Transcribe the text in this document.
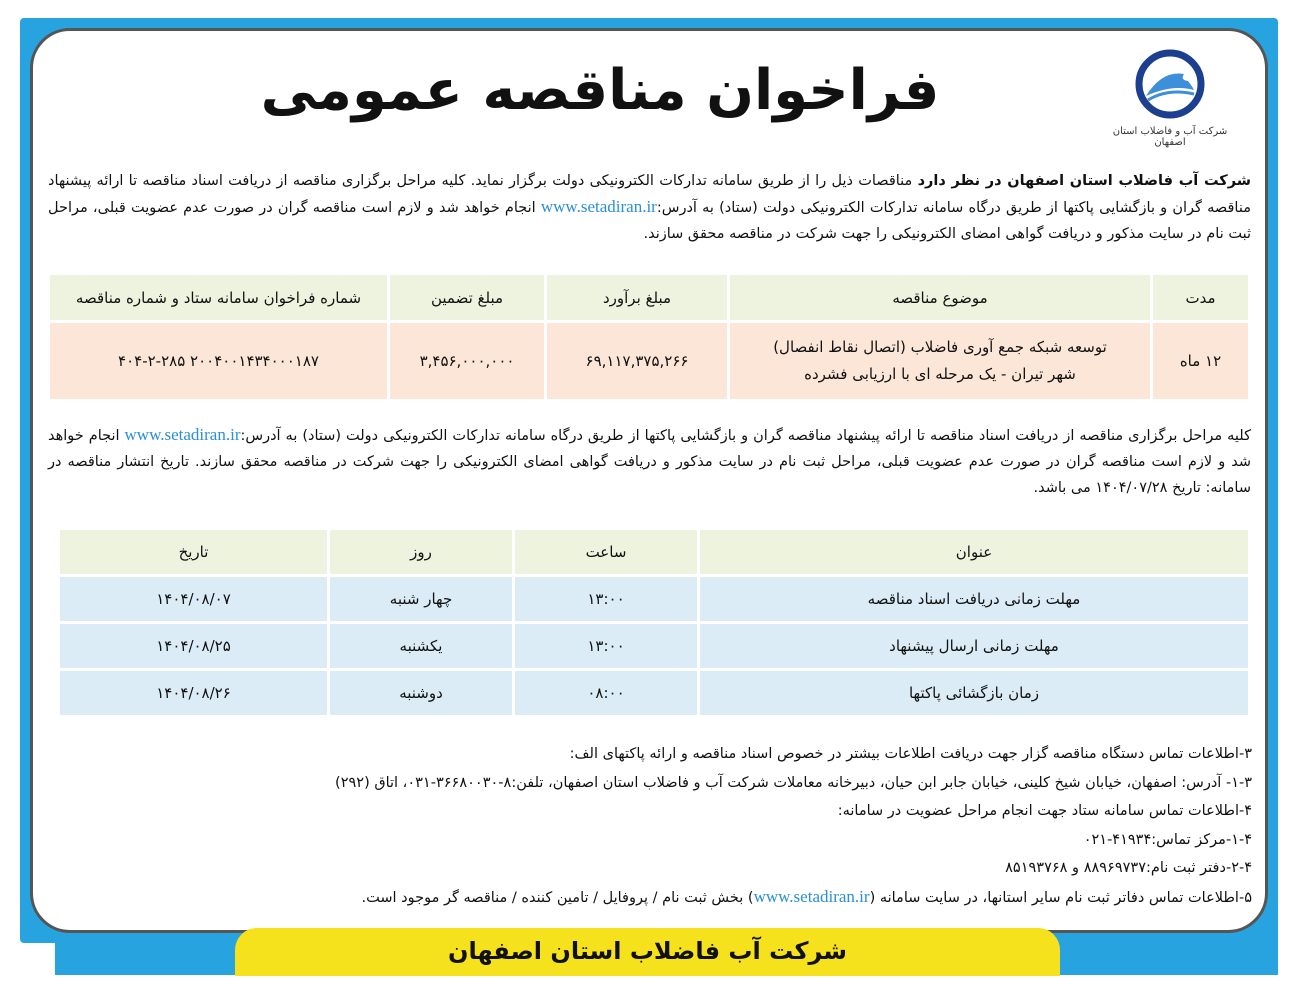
شرکت آب و فاضلاب استان اصفهان
فراخوان مناقصه عمومی
شرکت آب فاضلاب استان اصفهان در نظر دارد مناقصات ذیل را از طریق سامانه تدارکات الکترونیکی دولت برگزار نماید. کلیه مراحل برگزاری مناقصه از دریافت اسناد مناقصه تا ارائه پیشنهاد مناقصه گران و بازگشایی پاکتها از طریق درگاه سامانه تدارکات الکترونیکی دولت (ستاد) به آدرس:www.setadiran.ir انجام خواهد شد و لازم است مناقصه گران در صورت عدم عضویت قبلی، مراحل ثبت نام در سایت مذکور و دریافت گواهی امضای الکترونیکی را جهت شرکت در مناقصه محقق سازند.
مدت	موضوع مناقصه	مبلغ برآورد	مبلغ تضمین	شماره فراخوان سامانه ستاد و شماره مناقصه
۱۲ ماه	توسعه شبکه جمع آوری فاضلاب (اتصال نقاط انفصال) شهر تیران - یک مرحله ای با ارزیابی فشرده	۶۹,۱۱۷,۳۷۵,۲۶۶	۳,۴۵۶,۰۰۰,۰۰۰	۲۰۰۴۰۰۱۴۳۴۰۰۰۱۸۷ ۴۰۴-۲-۲۸۵
کلیه مراحل برگزاری مناقصه از دریافت اسناد مناقصه تا ارائه پیشنهاد مناقصه گران و بازگشایی پاکتها از طریق درگاه سامانه تدارکات الکترونیکی دولت (ستاد) به آدرس:www.setadiran.ir انجام خواهد شد و لازم است مناقصه گران در صورت عدم عضویت قبلی، مراحل ثبت نام در سایت مذکور و دریافت گواهی امضای الکترونیکی را جهت شرکت در مناقصه محقق سازند. تاریخ انتشار مناقصه در سامانه: تاریخ ۱۴۰۴/۰۷/۲۸ می باشد.
عنوان	ساعت	روز	تاریخ
مهلت زمانی دریافت اسناد مناقصه	۱۳:۰۰	چهار شنبه	۱۴۰۴/۰۸/۰۷
مهلت زمانی ارسال پیشنهاد	۱۳:۰۰	یکشنبه	۱۴۰۴/۰۸/۲۵
زمان بازگشائی پاکتها	۰۸:۰۰	دوشنبه	۱۴۰۴/۰۸/۲۶
۳-اطلاعات تماس دستگاه مناقصه گزار جهت دریافت اطلاعات بیشتر در خصوص اسناد مناقصه و ارائه پاکتهای الف:
۱-۳- آدرس: اصفهان، خیابان شیخ کلینی، خیابان جابر ابن حیان، دبیرخانه معاملات شرکت آب و فاضلاب استان اصفهان، تلفن:۸-۳۶۶۸۰۰۳۰-۰۳۱، اتاق (۲۹۲)
۴-اطلاعات تماس سامانه ستاد جهت انجام مراحل عضویت در سامانه:
۱-۴-مرکز تماس:۴۱۹۳۴-۰۲۱
۲-۴-دفتر ثبت نام:۸۸۹۶۹۷۳۷ و ۸۵۱۹۳۷۶۸
۵-اطلاعات تماس دفاتر ثبت نام سایر استانها، در سایت سامانه (www.setadiran.ir) بخش ثبت نام / پروفایل / تامین کننده / مناقصه گر موجود است.
شرکت آب فاضلاب استان اصفهان
